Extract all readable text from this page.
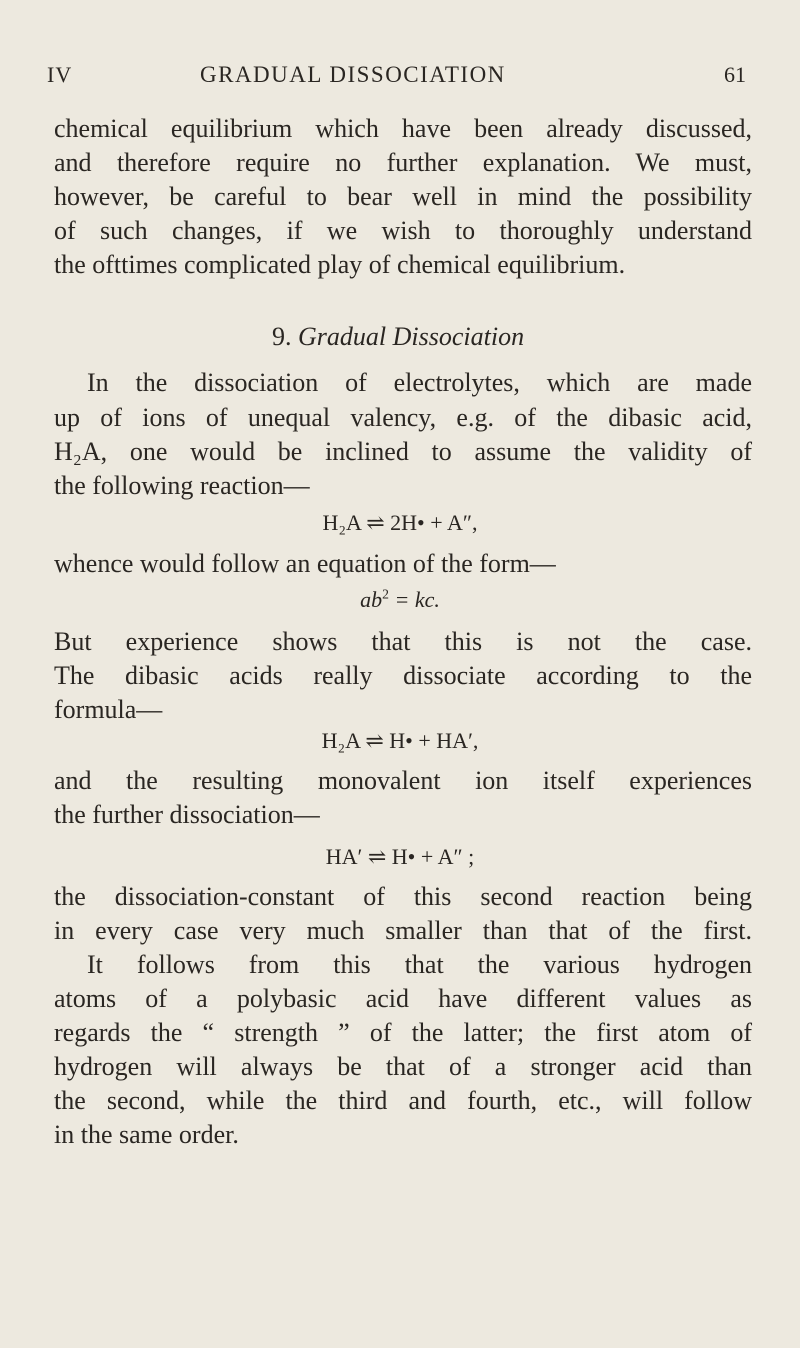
IV	GRADUAL DISSOCIATION	61
chemical equilibrium which have been already discussed,
and therefore require no further explanation. We must,
however, be careful to bear well in mind the possibility
of such changes, if we wish to thoroughly understand
the ofttimes complicated play of chemical equilibrium.
9. Gradual Dissociation
In the dissociation of electrolytes, which are made
up of ions of unequal valency, e.g. of the dibasic acid,
H₂A, one would be inclined to assume the validity of
the following reaction—
H₂A ⇌ 2H• + A″,
whence would follow an equation of the form—
$ab^2$ = kc.
But experience shows that this is not the case.
The dibasic acids really dissociate according to the
formula—
H₂A ⇌ H• + HA′,
and the resulting monovalent ion itself experiences
the further dissociation—
HA′ ⇌ H• + A″ ;
the dissociation-constant of this second reaction being
in every case very much smaller than that of the first.
It follows from this that the various hydrogen
atoms of a polybasic acid have different values as
regards the “ strength ” of the latter; the first atom of
hydrogen will always be that of a stronger acid than
the second, while the third and fourth, etc., will follow
in the same order.
